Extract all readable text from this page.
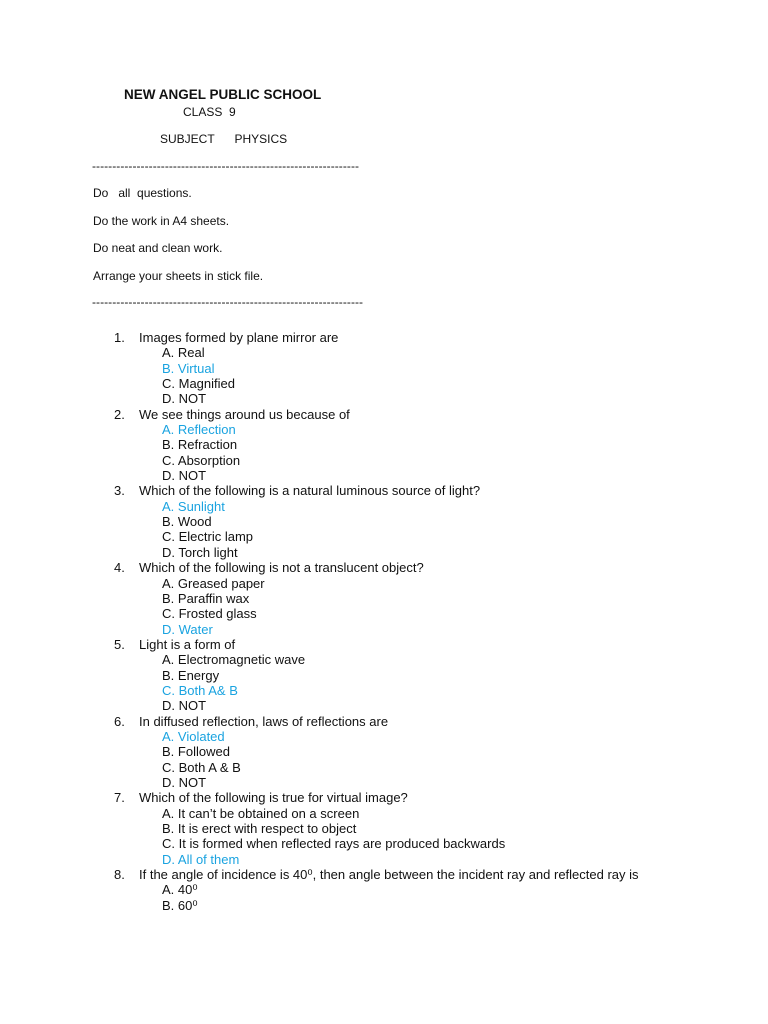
NEW ANGEL PUBLIC SCHOOL
CLASS  9
SUBJECT      PHYSICS
------------------------------------------------------------------
Do   all  questions.
Do the work in A4 sheets.
Do neat and clean work.
Arrange your sheets in stick file.
-------------------------------------------------------------------
1.	Images formed by plane mirror are
A. Real
B. Virtual
C. Magnified
D. NOT
2.	We see things around us because of
A. Reflection
B. Refraction
C. Absorption
D. NOT
3.	Which of the following is a natural luminous source of light?
A. Sunlight
B. Wood
C. Electric lamp
D. Torch light
4.	Which of the following is not a translucent object?
A. Greased paper
B. Paraffin wax
C. Frosted glass
D. Water
5.	Light is a form of
A. Electromagnetic wave
B. Energy
C. Both A& B
D. NOT
6.	In diffused reflection, laws of reflections are
A. Violated
B. Followed
C. Both A & B
D. NOT
7.	Which of the following is true for virtual image?
A. It can’t be obtained on a screen
B. It is erect with respect to object
C. It is formed when reflected rays are produced backwards
D. All of them
8.	If the angle of incidence is 40⁰, then angle between the incident ray and reflected ray is
A. 40⁰
B. 60⁰
